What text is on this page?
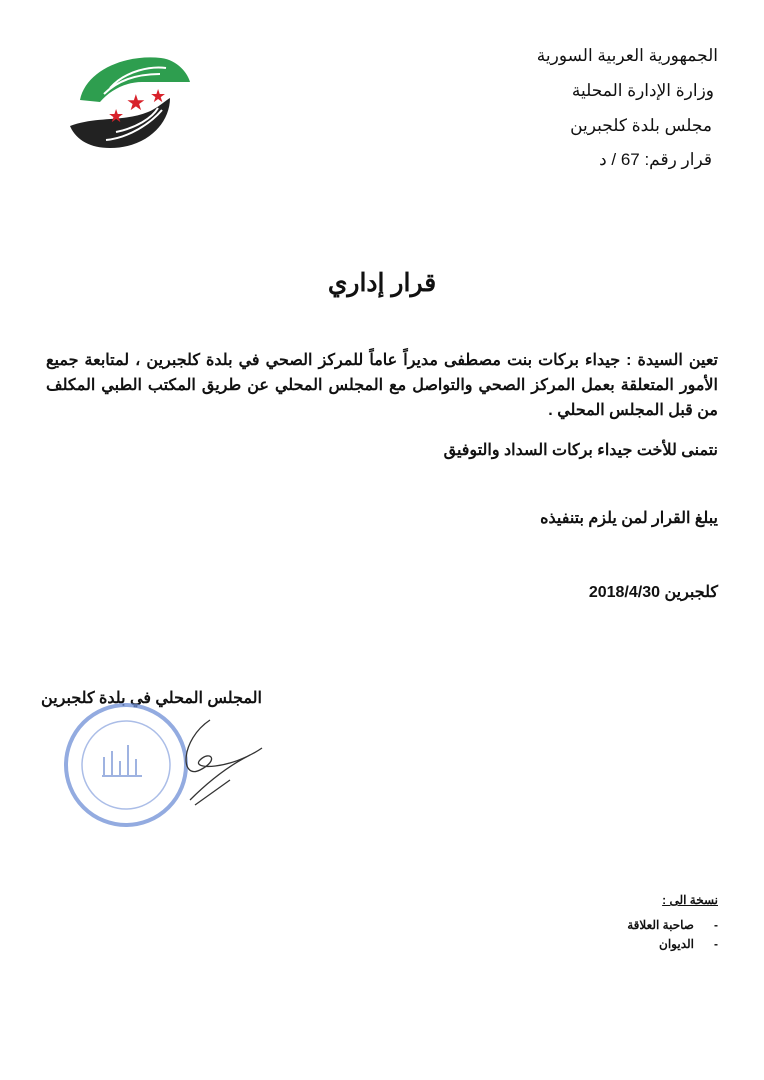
★
★ ★
الجمهورية العربية السورية
وزارة الإدارة المحلية
مجلس بلدة كلجبرين
قرار رقم: 67 / د
قرار إداري
تعين السيدة : جيداء بركات بنت مصطفى مديراً عاماً للمركز الصحي في بلدة كلجبرين ، لمتابعة جميع الأمور المتعلقة بعمل المركز الصحي والتواصل مع المجلس المحلي عن طريق المكتب الطبي المكلف من قبل المجلس المحلي .
نتمنى للأخت جيداء بركات السداد والتوفيق
يبلغ القرار لمن يلزم بتنفيذه
كلجبرين 2018/4/30
المجلس المحلي في بلدة كلجبرين
نسخة الى :
-      صاحبة العلاقة
-      الديوان
